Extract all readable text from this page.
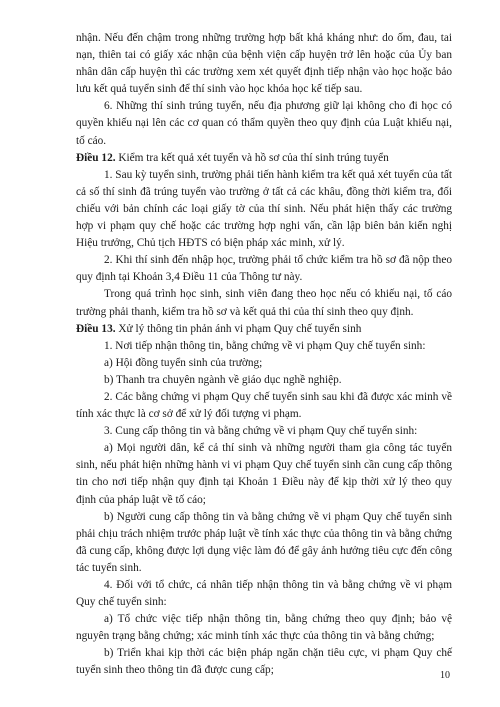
nhận. Nếu đến chậm trong những trường hợp bất khả kháng như: do ốm, đau, tai nạn, thiên tai có giấy xác nhận của bệnh viện cấp huyện trở lên hoặc của Ủy ban nhân dân cấp huyện thì các trường xem xét quyết định tiếp nhận vào học hoặc bảo lưu kết quả tuyển sinh để thí sinh vào học khóa học kế tiếp sau.

6. Những thí sinh trúng tuyển, nếu địa phương giữ lại không cho đi học có quyền khiếu nại lên các cơ quan có thẩm quyền theo quy định của Luật khiếu nại, tố cáo.

Điều 12. Kiểm tra kết quả xét tuyển và hồ sơ của thí sinh trúng tuyển

1. Sau kỳ tuyển sinh, trường phải tiến hành kiểm tra kết quả xét tuyển của tất cả số thí sinh đã trúng tuyển vào trường ở tất cả các khâu, đồng thời kiểm tra, đối chiếu với bản chính các loại giấy tờ của thí sinh. Nếu phát hiện thấy các trường hợp vi phạm quy chế hoặc các trường hợp nghi vấn, cần lập biên bản kiến nghị Hiệu trưởng, Chủ tịch HĐTS có biện pháp xác minh, xử lý.

2. Khi thí sinh đến nhập học, trường phải tổ chức kiểm tra hồ sơ đã nộp theo quy định tại Khoản 3,4 Điều 11 của Thông tư này.

Trong quá trình học sinh, sinh viên đang theo học nếu có khiếu nại, tố cáo trường phải thanh, kiểm tra hồ sơ và kết quả thi của thí sinh theo quy định.

Điều 13. Xử lý thông tin phản ánh vi phạm Quy chế tuyển sinh

1. Nơi tiếp nhận thông tin, bằng chứng về vi phạm Quy chế tuyển sinh:

a) Hội đồng tuyển sinh của trường;

b) Thanh tra chuyên ngành về giáo dục nghề nghiệp.

2. Các bằng chứng vi phạm Quy chế tuyển sinh sau khi đã được xác minh về tính xác thực là cơ sở để xử lý đối tượng vi phạm.

3. Cung cấp thông tin và bằng chứng về vi phạm Quy chế tuyển sinh:

a) Mọi người dân, kể cả thí sinh và những người tham gia công tác tuyển sinh, nếu phát hiện những hành vi vi phạm Quy chế tuyển sinh cần cung cấp thông tin cho nơi tiếp nhận quy định tại Khoản 1 Điều này để kịp thời xử lý theo quy định của pháp luật về tố cáo;

b) Người cung cấp thông tin và bằng chứng về vi phạm Quy chế tuyển sinh phải chịu trách nhiệm trước pháp luật về tính xác thực của thông tin và bằng chứng đã cung cấp, không được lợi dụng việc làm đó để gây ảnh hưởng tiêu cực đến công tác tuyển sinh.

4. Đối với tổ chức, cá nhân tiếp nhận thông tin và bằng chứng về vi phạm Quy chế tuyển sinh:

a) Tổ chức việc tiếp nhận thông tin, bằng chứng theo quy định; bảo vệ nguyên trạng bằng chứng; xác minh tính xác thực của thông tin và bằng chứng;

b) Triển khai kịp thời các biện pháp ngăn chặn tiêu cực, vi phạm Quy chế tuyển sinh theo thông tin đã được cung cấp;	10
